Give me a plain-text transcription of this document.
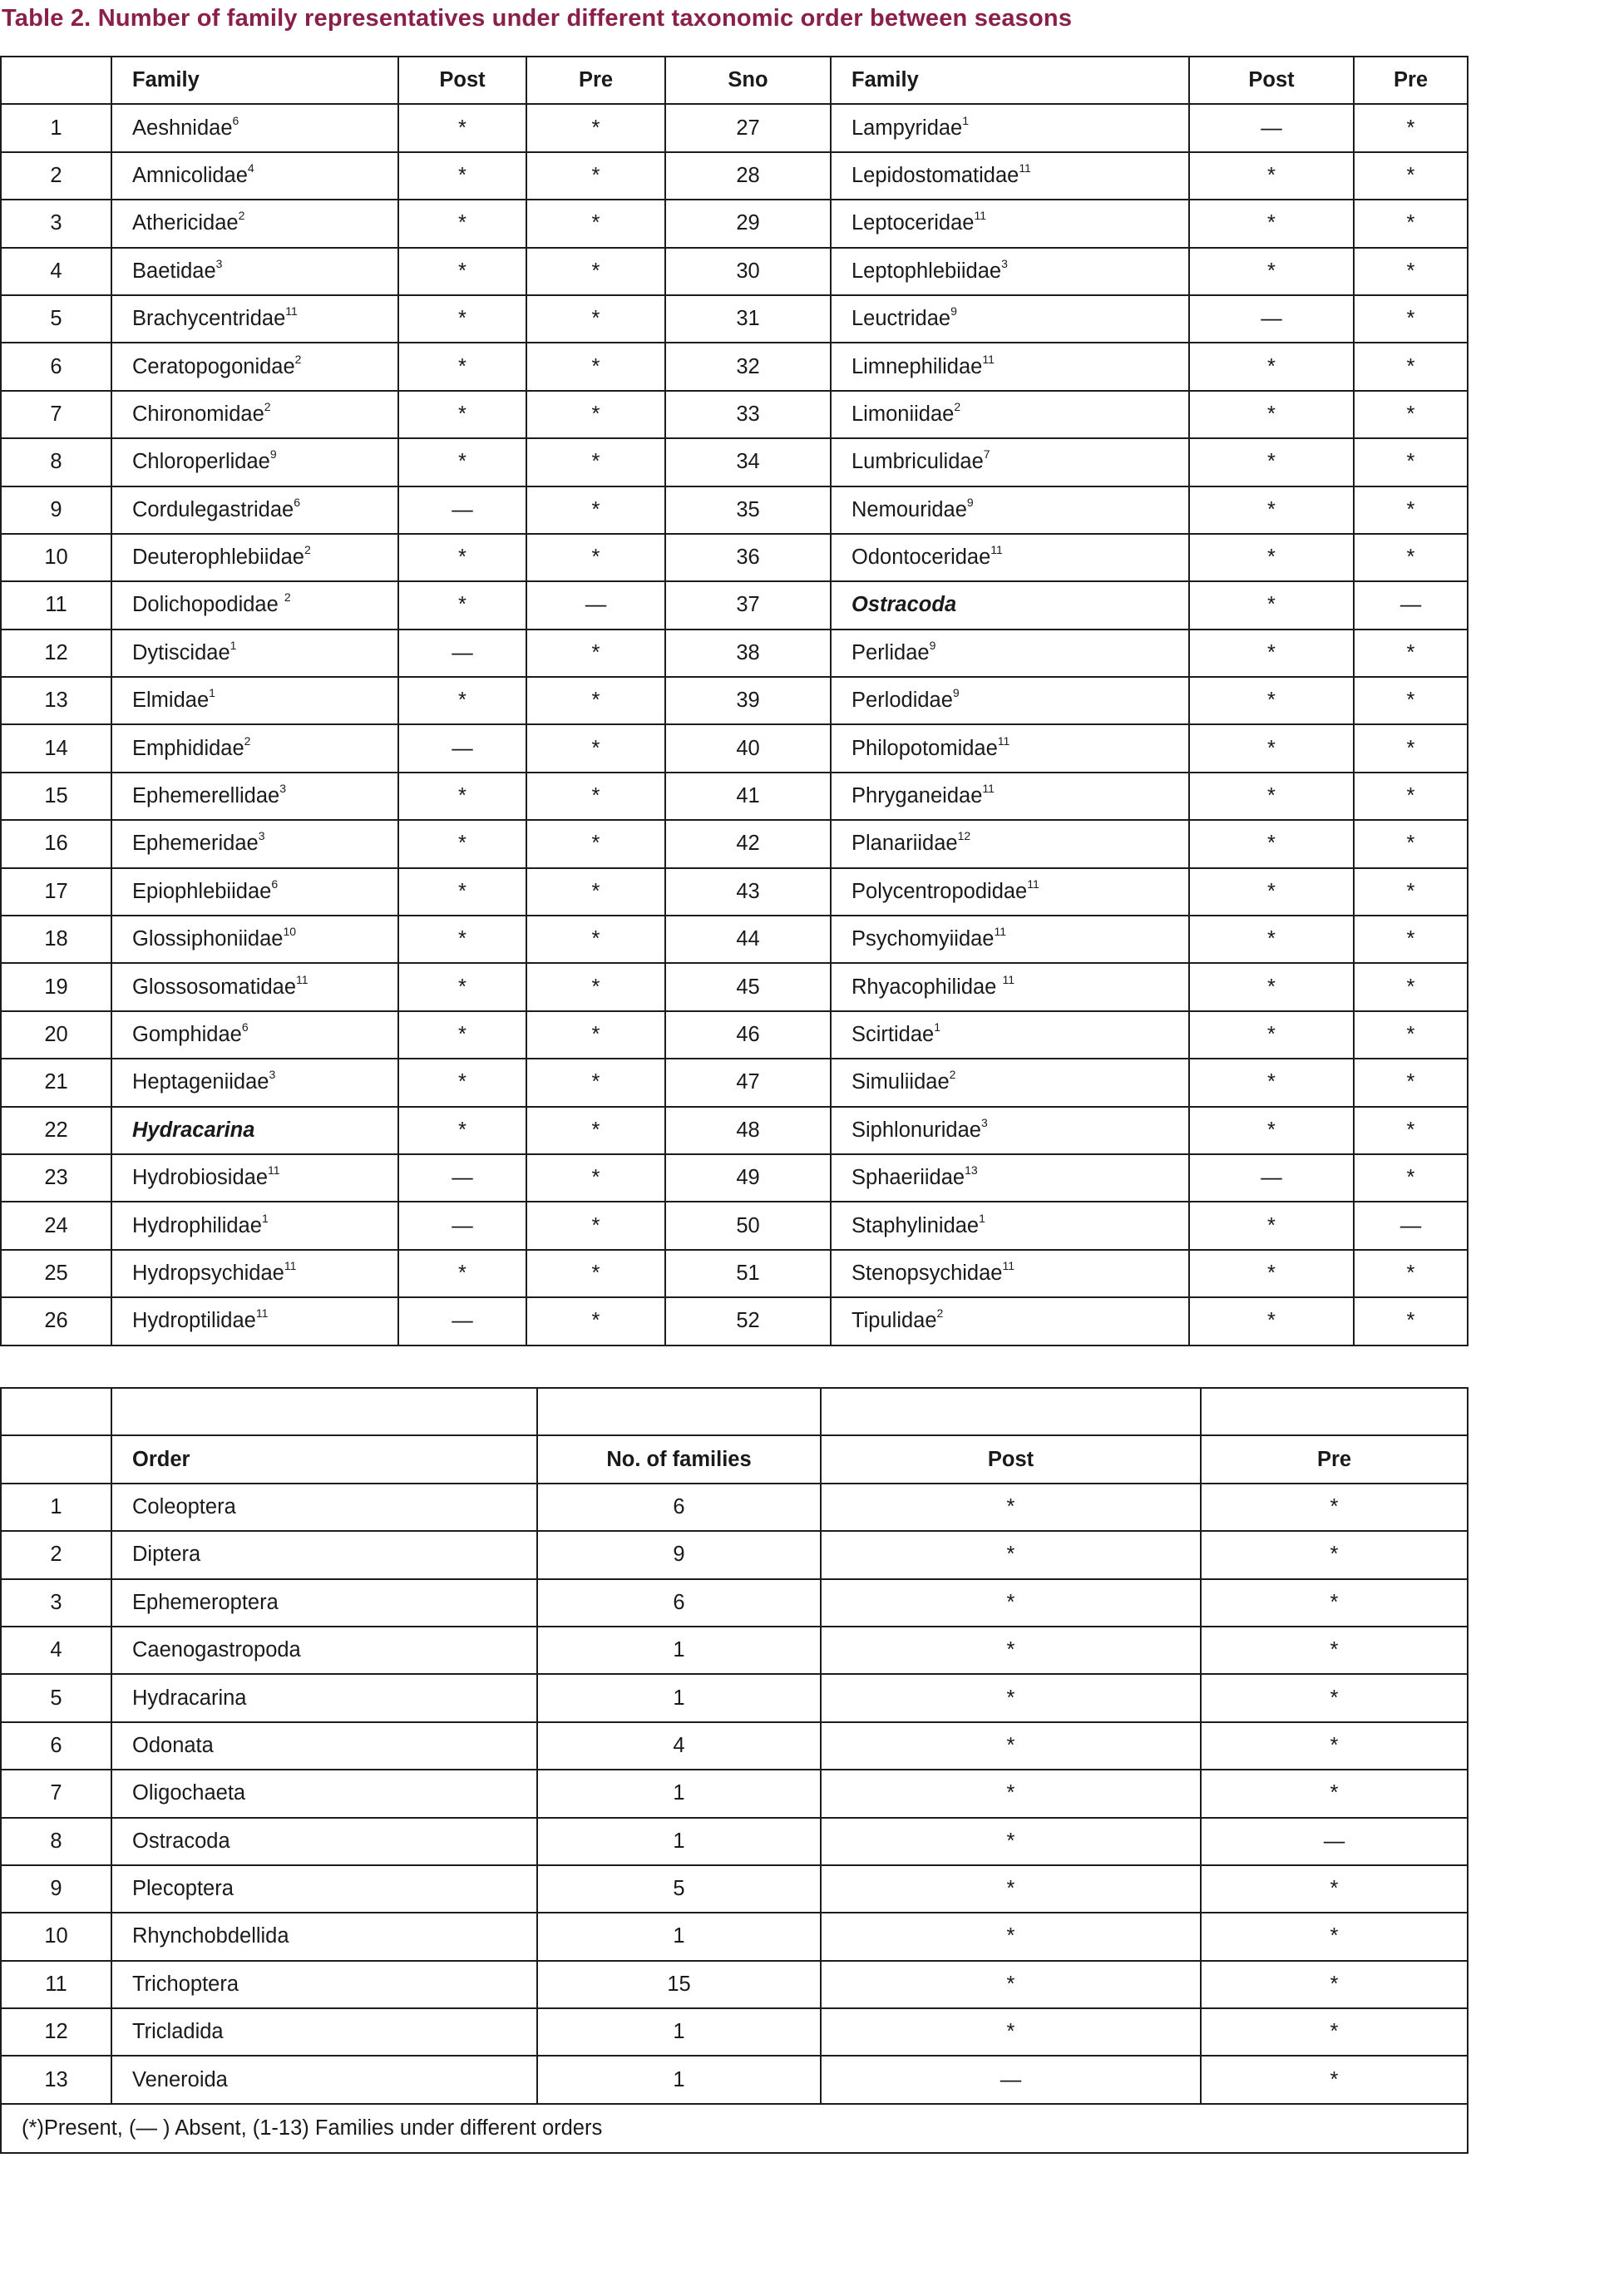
Table 2. Number of family representatives under different taxonomic order between seasons
	Family	Post	Pre	Sno	Family	Post	Pre
1	Aeshnidae$^6$	*	*	27	Lampyridae$^1$	—	*
2	Amnicolidae$^4$	*	*	28	Lepidostomatidae$^{11}$	*	*
3	Athericidae$^2$	*	*	29	Leptoceridae$^{11}$	*	*
4	Baetidae$^3$	*	*	30	Leptophlebiidae$^3$	*	*
5	Brachycentridae$^{11}$	*	*	31	Leuctridae$^9$	—	*
6	Ceratopogonidae$^2$	*	*	32	Limnephilidae$^{11}$	*	*
7	Chironomidae$^2$	*	*	33	Limoniidae$^2$	*	*
8	Chloroperlidae$^9$	*	*	34	Lumbriculidae$^7$	*	*
9	Cordulegastridae$^6$	—	*	35	Nemouridae$^9$	*	*
10	Deuterophlebiidae$^2$	*	*	36	Odontoceridae$^{11}$	*	*
11	Dolichopodidae $^2$	*	—	37	Ostracoda	*	—
12	Dytiscidae$^1$	—	*	38	Perlidae$^9$	*	*
13	Elmidae$^1$	*	*	39	Perlodidae$^9$	*	*
14	Emphididae$^2$	—	*	40	Philopotomidae$^{11}$	*	*
15	Ephemerellidae$^3$	*	*	41	Phryganeidae$^{11}$	*	*
16	Ephemeridae$^3$	*	*	42	Planariidae$^{12}$	*	*
17	Epiophlebiidae$^6$	*	*	43	Polycentropodidae$^{11}$	*	*
18	Glossiphoniidae$^{10}$	*	*	44	Psychomyiidae$^{11}$	*	*
19	Glossosomatidae$^{11}$	*	*	45	Rhyacophilidae $^{11}$	*	*
20	Gomphidae$^6$	*	*	46	Scirtidae$^1$	*	*
21	Heptageniidae$^3$	*	*	47	Simuliidae$^2$	*	*
22	Hydracarina	*	*	48	Siphlonuridae$^3$	*	*
23	Hydrobiosidae$^{11}$	—	*	49	Sphaeriidae$^{13}$	—	*
24	Hydrophilidae$^1$	—	*	50	Staphylinidae$^1$	*	—
25	Hydropsychidae$^{11}$	*	*	51	Stenopsychidae$^{11}$	*	*
26	Hydroptilidae$^{11}$	—	*	52	Tipulidae$^2$	*	*

	Order	No. of families	Post	Pre
1	Coleoptera	6	*	*
2	Diptera	9	*	*
3	Ephemeroptera	6	*	*
4	Caenogastropoda	1	*	*
5	Hydracarina	1	*	*
6	Odonata	4	*	*
7	Oligochaeta	1	*	*
8	Ostracoda	1	*	—
9	Plecoptera	5	*	*
10	Rhynchobdellida	1	*	*
11	Trichoptera	15	*	*
12	Tricladida	1	*	*
13	Veneroida	1	—	*
(*)Present, (— ) Absent, (1-13) Families under different orders				
